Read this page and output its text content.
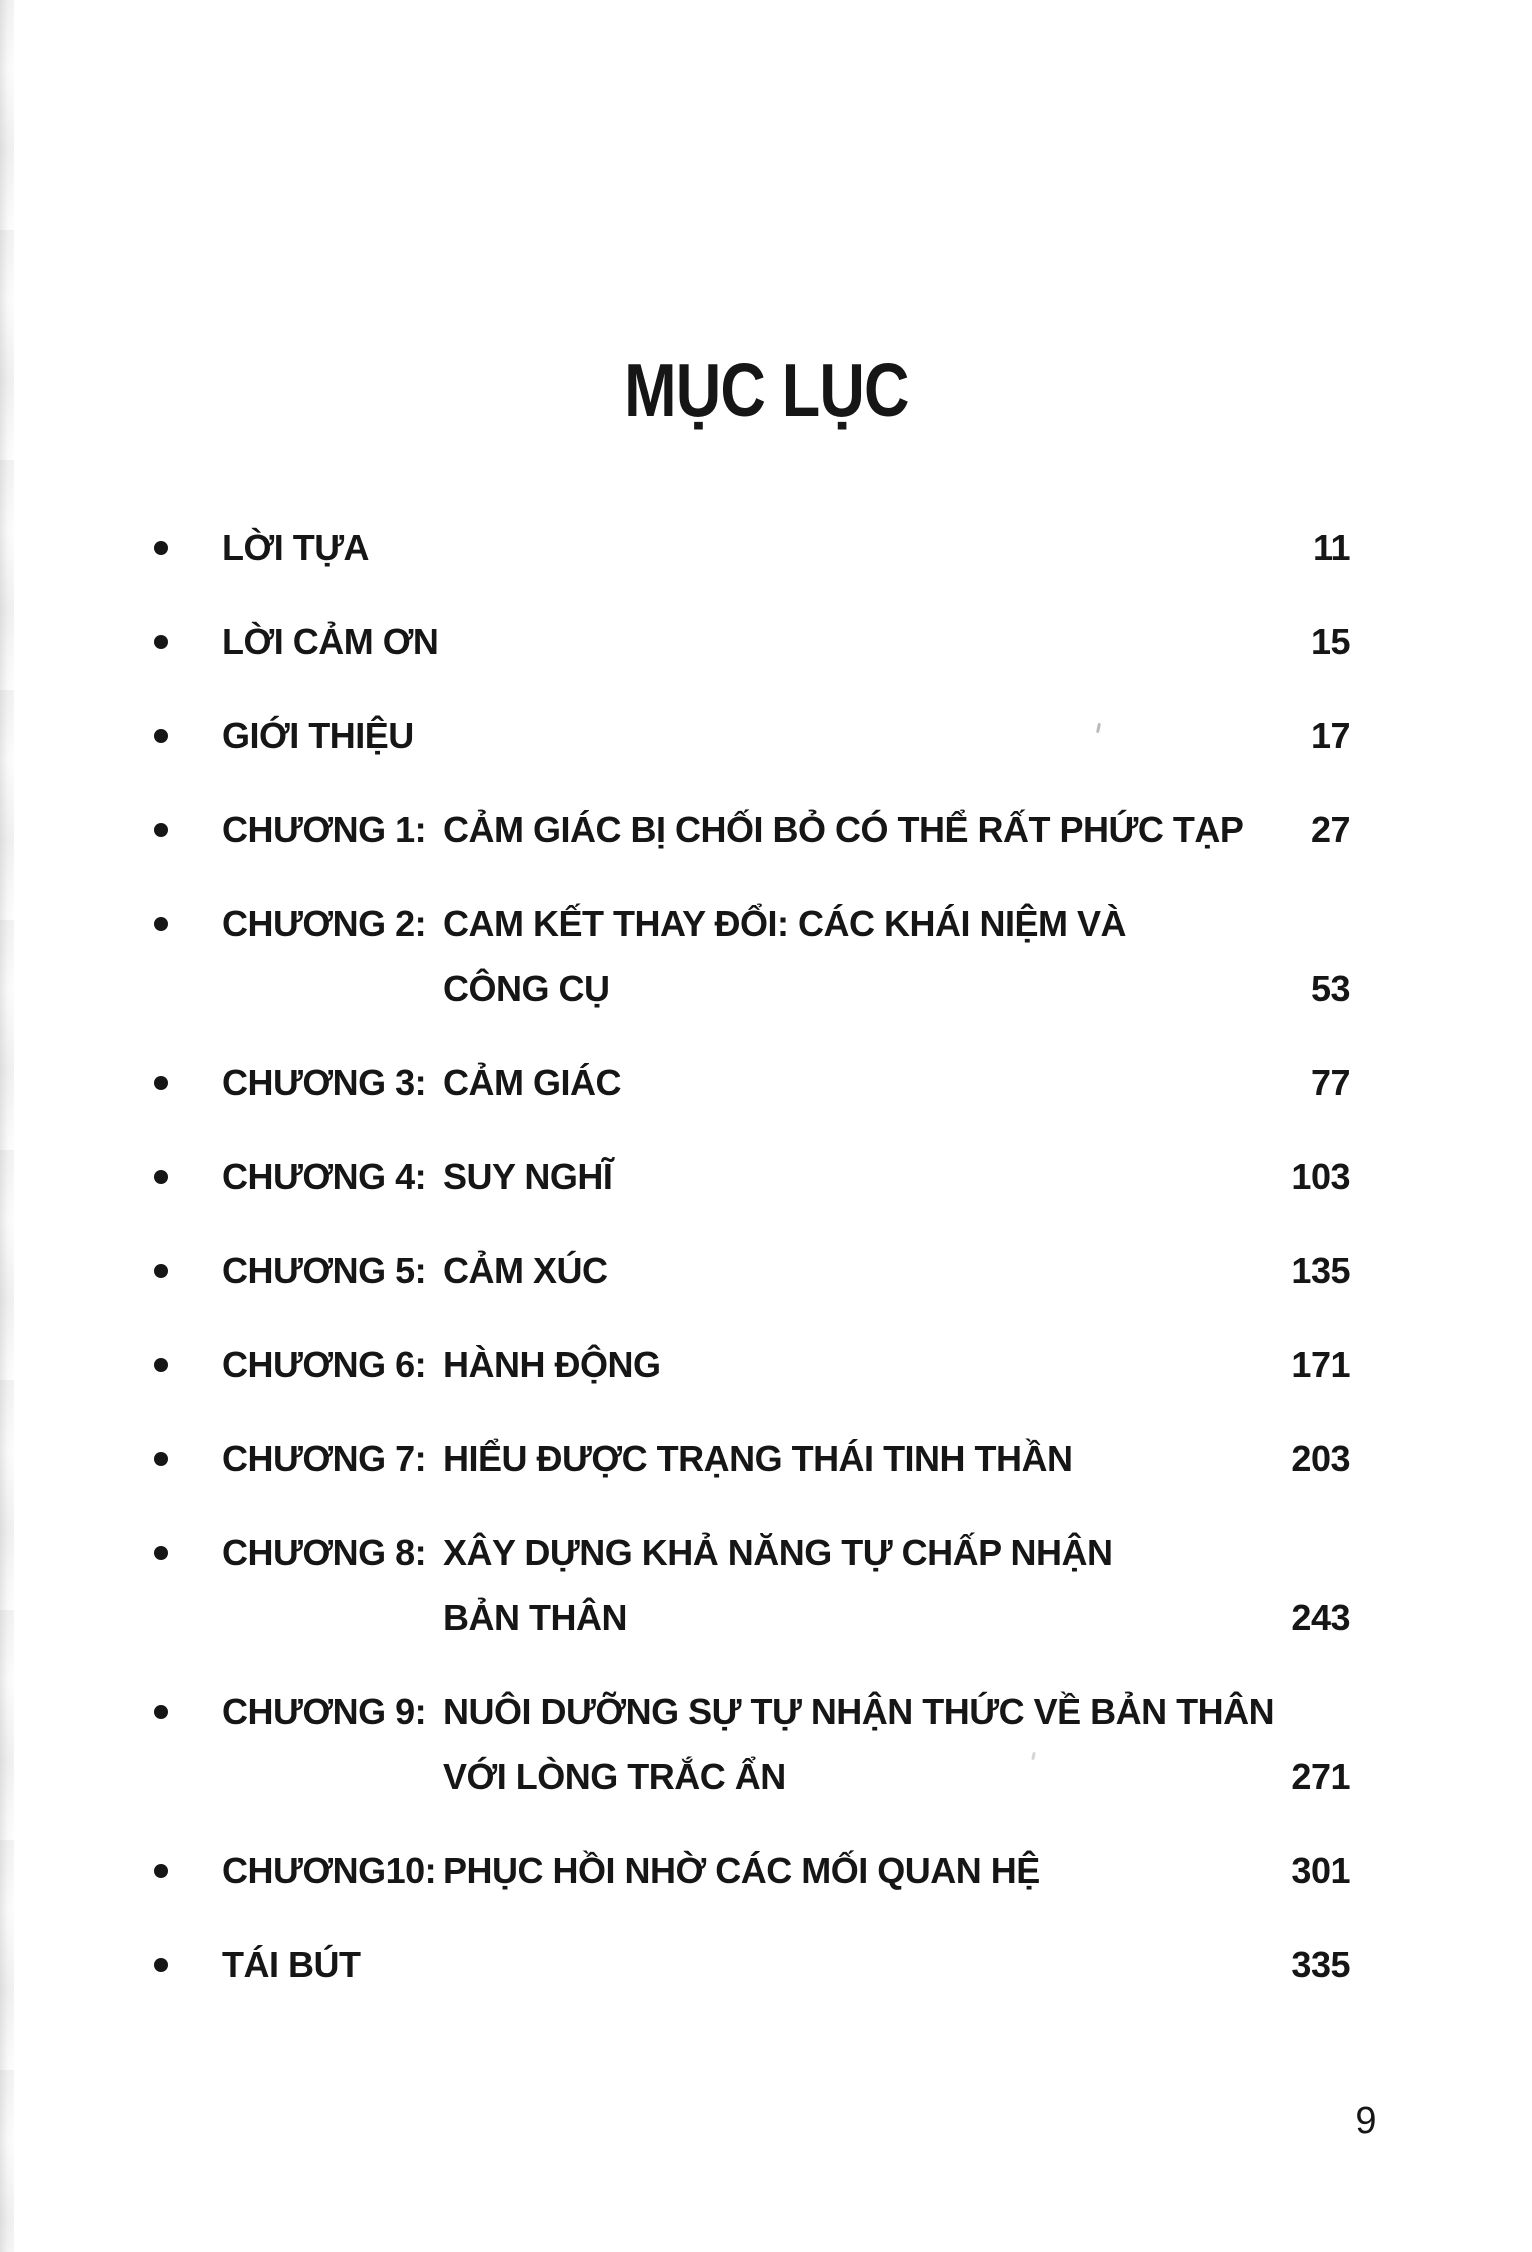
MỤC LỤC
LỜI TỰA	11
LỜI CẢM ƠN	15
GIỚI THIỆU	17
CHƯƠNG 1: CẢM GIÁC BỊ CHỐI BỎ CÓ THỂ RẤT PHỨC TẠP	27
CHƯƠNG 2: CAM KẾT THAY ĐỔI: CÁC KHÁI NIỆM VÀ
CÔNG CỤ	53
CHƯƠNG 3: CẢM GIÁC	77
CHƯƠNG 4: SUY NGHĨ	103
CHƯƠNG 5: CẢM XÚC	135
CHƯƠNG 6: HÀNH ĐỘNG	171
CHƯƠNG 7: HIỂU ĐƯỢC TRẠNG THÁI TINH THẦN	203
CHƯƠNG 8: XÂY DỰNG KHẢ NĂNG TỰ CHẤP NHẬN
BẢN THÂN	243
CHƯƠNG 9: NUÔI DƯỠNG SỰ TỰ NHẬN THỨC VỀ BẢN THÂN
VỚI LÒNG TRẮC ẨN	271
CHƯƠNG10: PHỤC HỒI NHỜ CÁC MỐI QUAN HỆ	301
TÁI BÚT	335
9
